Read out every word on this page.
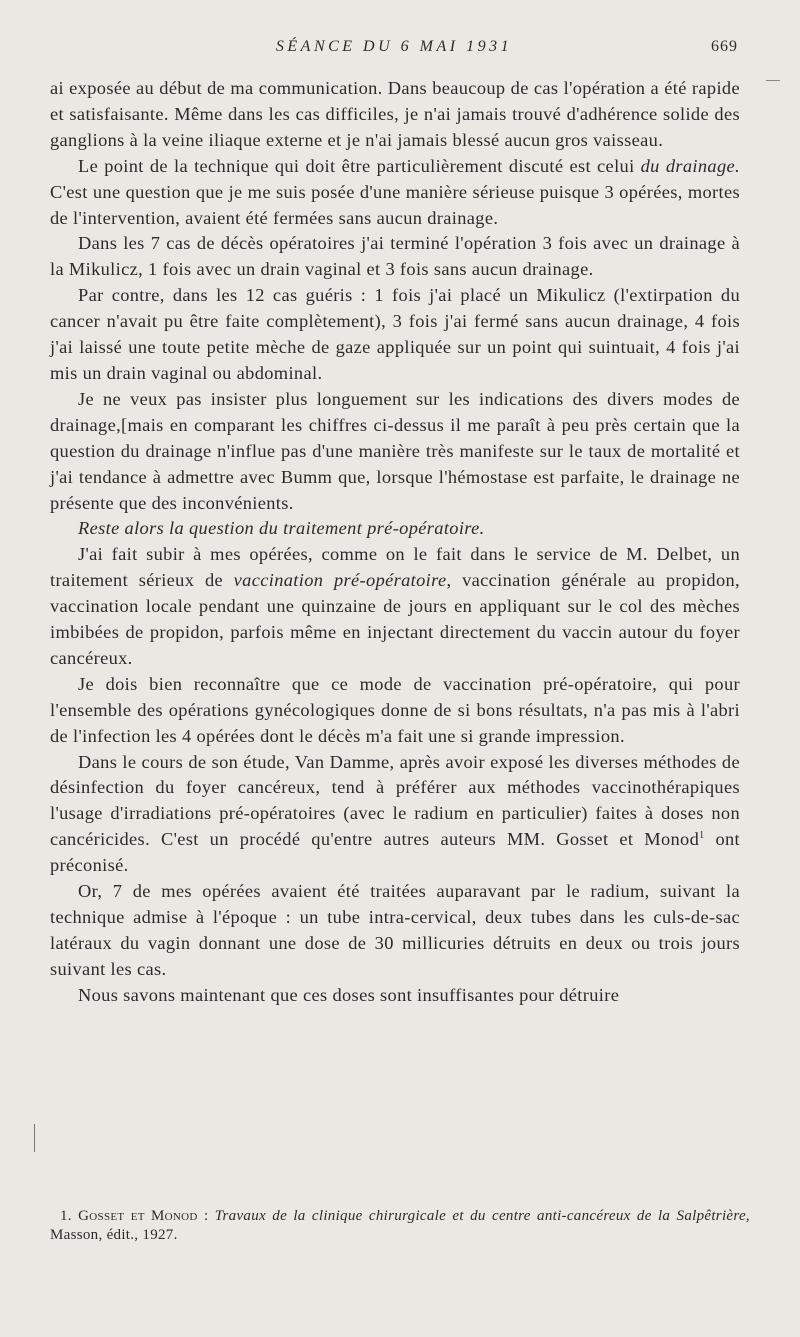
SÉANCE DU 6 MAI 1931	669

ai exposée au début de ma communication. Dans beaucoup de cas l'opération a été rapide et satisfaisante. Même dans les cas difficiles, je n'ai jamais trouvé d'adhérence solide des ganglions à la veine iliaque externe et je n'ai jamais blessé aucun gros vaisseau.

Le point de la technique qui doit être particulièrement discuté est celui du drainage. C'est une question que je me suis posée d'une manière sérieuse puisque 3 opérées, mortes de l'intervention, avaient été fermées sans aucun drainage.

Dans les 7 cas de décès opératoires j'ai terminé l'opération 3 fois avec un drainage à la Mikulicz, 1 fois avec un drain vaginal et 3 fois sans aucun drainage.

Par contre, dans les 12 cas guéris : 1 fois j'ai placé un Mikulicz (l'extirpation du cancer n'avait pu être faite complètement), 3 fois j'ai fermé sans aucun drainage, 4 fois j'ai laissé une toute petite mèche de gaze appliquée sur un point qui suintuait, 4 fois j'ai mis un drain vaginal ou abdominal.

Je ne veux pas insister plus longuement sur les indications des divers modes de drainage,[mais en comparant les chiffres ci-dessus il me paraît à peu près certain que la question du drainage n'influe pas d'une manière très manifeste sur le taux de mortalité et j'ai tendance à admettre avec Bumm que, lorsque l'hémostase est parfaite, le drainage ne présente que des inconvénients.

Reste alors la question du traitement pré-opératoire.

J'ai fait subir à mes opérées, comme on le fait dans le service de M. Delbet, un traitement sérieux de vaccination pré-opératoire, vaccination générale au propidon, vaccination locale pendant une quinzaine de jours en appliquant sur le col des mèches imbibées de propidon, parfois même en injectant directement du vaccin autour du foyer cancéreux.

Je dois bien reconnaître que ce mode de vaccination pré-opératoire, qui pour l'ensemble des opérations gynécologiques donne de si bons résultats, n'a pas mis à l'abri de l'infection les 4 opérées dont le décès m'a fait une si grande impression.

Dans le cours de son étude, Van Damme, après avoir exposé les diverses méthodes de désinfection du foyer cancéreux, tend à préférer aux méthodes vaccinothérapiques l'usage d'irradiations pré-opératoires (avec le radium en particulier) faites à doses non cancéricides. C'est un procédé qu'entre autres auteurs MM. Gosset et Monod$^1$ ont préconisé.

Or, 7 de mes opérées avaient été traitées auparavant par le radium, suivant la technique admise à l'époque : un tube intra-cervical, deux tubes dans les culs-de-sac latéraux du vagin donnant une dose de 30 millicuries détruits en deux ou trois jours suivant les cas.

Nous savons maintenant que ces doses sont insuffisantes pour détruire

1. Gosset et Monod : Travaux de la clinique chirurgicale et du centre anti-cancéreux de la Salpêtrière, Masson, édit., 1927.
